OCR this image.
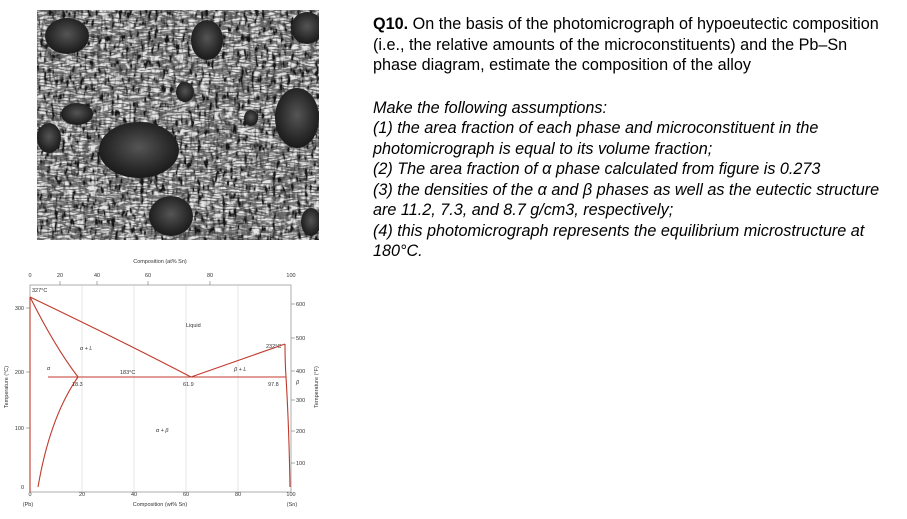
Composition (at% Sn)
0	20	40	60	80	100
0	20	40	60	80	100
Composition (wt% Sn)
(Pb)	(Sn)
300
200
100
0
Temperature (°C)
600
500
400
300
200
100
Temperature (°F)
327°C
232°C
183°C
Liquid
α + L
β + L
α
β
α + β
18.3	61.9	97.8

Q10. On the basis of the photomicrograph of hypoeutectic composition (i.e., the relative amounts of the microconstituents) and the Pb–Sn phase diagram, estimate the composition of the alloy

Make the following assumptions:
(1) the area fraction of each phase and microconstituent in the photomicrograph is equal to its volume fraction;
(2) The area fraction of α phase calculated from figure is 0.273
(3) the densities of the α and β phases as well as the eutectic structure are 11.2, 7.3, and 8.7 g/cm3, respectively;
(4) this photomicrograph represents the equilibrium microstructure at 180°C.
